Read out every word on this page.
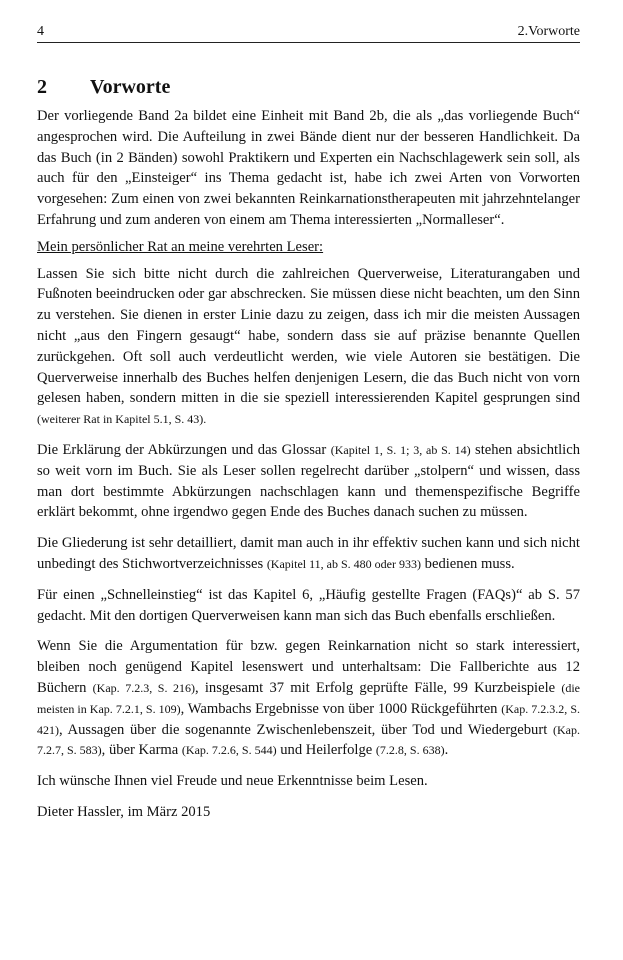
4	2.Vorworte
2 Vorworte

Der vorliegende Band 2a bildet eine Einheit mit Band 2b, die als „das vorliegende Buch“ angesprochen wird. Die Aufteilung in zwei Bände dient nur der besseren Handlichkeit. Da das Buch (in 2 Bänden) sowohl Praktikern und Experten ein Nachschlagewerk sein soll, als auch für den „Einsteiger“ ins Thema gedacht ist, habe ich zwei Arten von Vorworten vorgesehen: Zum einen von zwei bekannten Reinkarnationstherapeuten mit jahrzehntelanger Erfahrung und zum anderen von einem am Thema interessierten „Normalleser“.

Mein persönlicher Rat an meine verehrten Leser:

Lassen Sie sich bitte nicht durch die zahlreichen Querverweise, Literaturangaben und Fußnoten beeindrucken oder gar abschrecken. Sie müssen diese nicht beachten, um den Sinn zu verstehen. Sie dienen in erster Linie dazu zu zeigen, dass ich mir die meisten Aussagen nicht „aus den Fingern gesaugt“ habe, sondern dass sie auf präzise benannte Quellen zurückgehen. Oft soll auch verdeutlicht werden, wie viele Autoren sie bestätigen. Die Querverweise innerhalb des Buches helfen denjenigen Lesern, die das Buch nicht von vorn gelesen haben, sondern mitten in die sie speziell interessierenden Kapitel gesprungen sind (weiterer Rat in Kapitel 5.1, S. 43).

Die Erklärung der Abkürzungen und das Glossar (Kapitel 1, S. 1; 3, ab S. 14) stehen absichtlich so weit vorn im Buch. Sie als Leser sollen regelrecht darüber „stolpern“ und wissen, dass man dort bestimmte Abkürzungen nachschlagen kann und themenspezifische Begriffe erklärt bekommt, ohne irgendwo gegen Ende des Buches danach suchen zu müssen.

Die Gliederung ist sehr detailliert, damit man auch in ihr effektiv suchen kann und sich nicht unbedingt des Stichwortverzeichnisses (Kapitel 11, ab S. 480 oder 933) bedienen muss.

Für einen „Schnelleinstieg“ ist das Kapitel 6, „Häufig gestellte Fragen (FAQs)“ ab S. 57 gedacht. Mit den dortigen Querverweisen kann man sich das Buch ebenfalls erschließen.

Wenn Sie die Argumentation für bzw. gegen Reinkarnation nicht so stark interessiert, bleiben noch genügend Kapitel lesenswert und unterhaltsam: Die Fallberichte aus 12 Büchern (Kap. 7.2.3, S. 216), insgesamt 37 mit Erfolg geprüfte Fälle, 99 Kurzbeispiele (die meisten in Kap. 7.2.1, S. 109), Wambachs Ergebnisse von über 1000 Rückgeführten (Kap. 7.2.3.2, S. 421), Aussagen über die sogenannte Zwischenlebenszeit, über Tod und Wiedergeburt (Kap. 7.2.7, S. 583), über Karma (Kap. 7.2.6, S. 544) und Heilerfolge (7.2.8, S. 638).

Ich wünsche Ihnen viel Freude und neue Erkenntnisse beim Lesen.

Dieter Hassler, im März 2015
